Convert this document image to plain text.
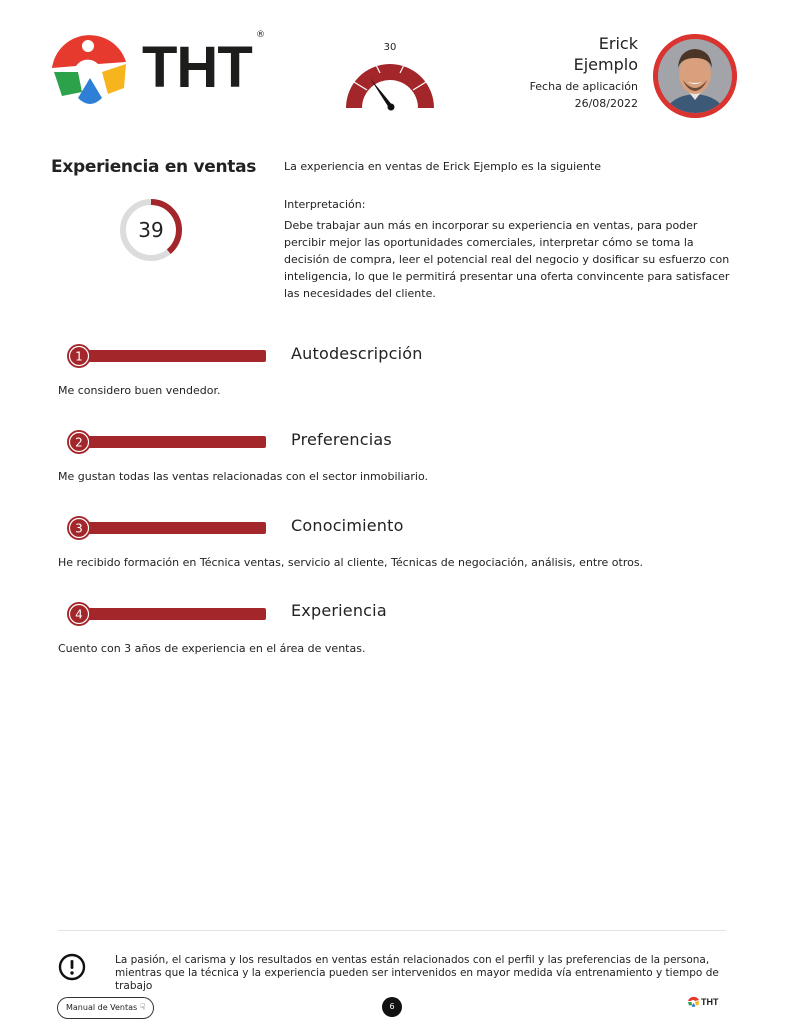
THT ®
30	Erick
Ejemplo
Fecha de aplicación
26/08/2022
Experiencia en ventas
39
La experiencia en ventas de Erick Ejemplo es la siguiente
Interpretación:
Debe trabajar aun más en incorporar su experiencia en ventas, para poder percibir mejor las oportunidades comerciales, interpretar cómo se toma la decisión de compra, leer el potencial real del negocio y dosificar su esfuerzo con inteligencia, lo que le permitirá presentar una oferta convincente para satisfacer las necesidades del cliente.
1	Autodescripción
Me considero buen vendedor.
2	Preferencias
Me gustan todas las ventas relacionadas con el sector inmobiliario.
3	Conocimiento
He recibido formación en Técnica ventas, servicio al cliente, Técnicas de negociación, análisis, entre otros.
4	Experiencia
Cuento con 3 años de experiencia en el área de ventas.
La pasión, el carisma y los resultados en ventas están relacionados con el perfil y las preferencias de la persona, mientras que la técnica y la experiencia pueden ser intervenidos en mayor medida vía entrenamiento y tiempo de trabajo
Manual de Ventas ☟	6	THT
